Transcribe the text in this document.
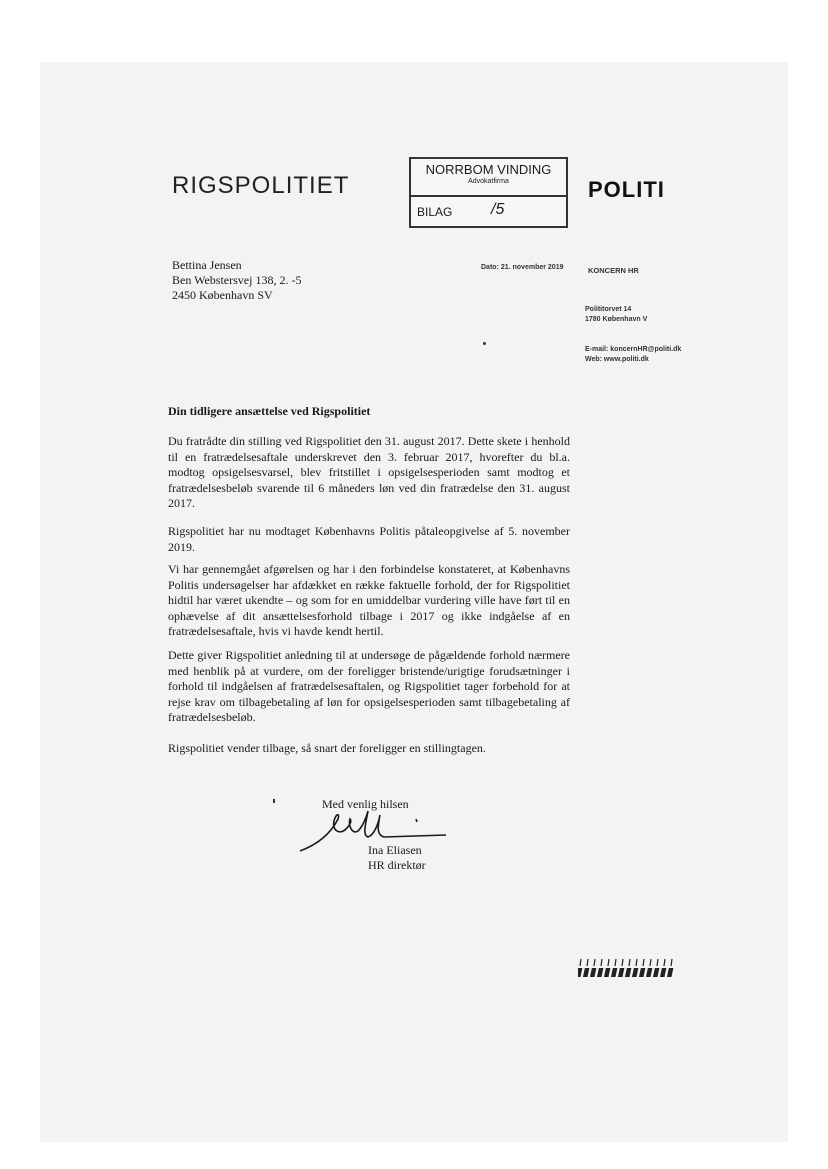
RIGSPOLITIET	POLITI
NORRBOM VINDING
Advokatfirma
BILAG /5
Bettina Jensen
Ben Webstersvej 138, 2. -5
2450 København SV
Dato: 21. november 2019	KONCERN HR
Polititorvet 14
1780 København V
E-mail: koncernHR@politi.dk
Web: www.politi.dk
Din tidligere ansættelse ved Rigspolitiet
Du fratrådte din stilling ved Rigspolitiet den 31. august 2017. Dette skete i henhold til en fratrædelsesaftale underskrevet den 3. februar 2017, hvorefter du bl.a. modtog opsigelsesvarsel, blev fritstillet i opsigelsesperioden samt modtog et fratrædelsesbeløb svarende til 6 måneders løn ved din fratrædelse den 31. august 2017.
Rigspolitiet har nu modtaget Københavns Politis påtaleopgivelse af 5. november 2019.
Vi har gennemgået afgørelsen og har i den forbindelse konstateret, at Københavns Politis undersøgelser har afdækket en række faktuelle forhold, der for Rigspolitiet hidtil har været ukendte – og som for en umiddelbar vurdering ville have ført til en ophævelse af dit ansættelsesforhold tilbage i 2017 og ikke indgåelse af en fratrædelsesaftale, hvis vi havde kendt hertil.
Dette giver Rigspolitiet anledning til at undersøge de pågældende forhold nærmere med henblik på at vurdere, om der foreligger bristende/urigtige forudsætninger i forhold til indgåelsen af fratrædelsesaftalen, og Rigspolitiet tager forbehold for at rejse krav om tilbagebetaling af løn for opsigelsesperioden samt tilbagebetaling af fratrædelsesbeløb.
Rigspolitiet vender tilbage, så snart der foreligger en stillingtagen.
Med venlig hilsen
Ina Eliasen
HR direktør
